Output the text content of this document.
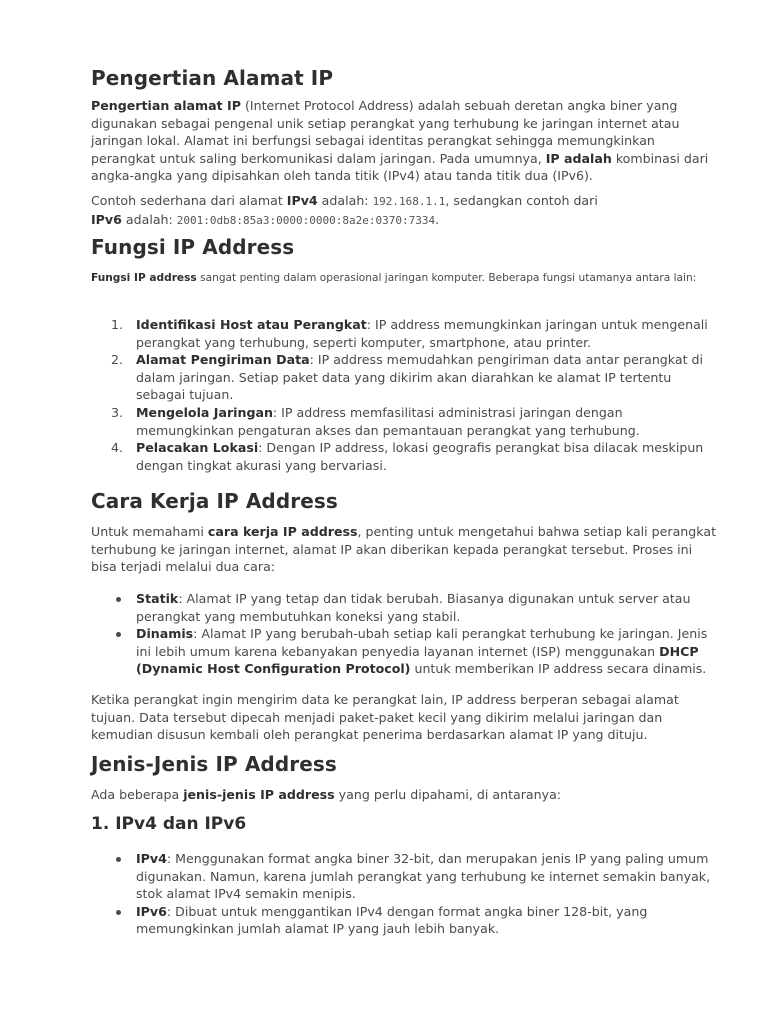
Pengertian Alamat IP

Pengertian alamat IP (Internet Protocol Address) adalah sebuah deretan angka biner yang digunakan sebagai pengenal unik setiap perangkat yang terhubung ke jaringan internet atau jaringan lokal. Alamat ini berfungsi sebagai identitas perangkat sehingga memungkinkan perangkat untuk saling berkomunikasi dalam jaringan. Pada umumnya, IP adalah kombinasi dari angka-angka yang dipisahkan oleh tanda titik (IPv4) atau tanda titik dua (IPv6).

Contoh sederhana dari alamat IPv4 adalah: 192.168.1.1, sedangkan contoh dari IPv6 adalah: 2001:0db8:85a3:0000:0000:8a2e:0370:7334.

Fungsi IP Address

Fungsi IP address sangat penting dalam operasional jaringan komputer. Beberapa fungsi utamanya antara lain:

1. Identifikasi Host atau Perangkat: IP address memungkinkan jaringan untuk mengenali perangkat yang terhubung, seperti komputer, smartphone, atau printer.
2. Alamat Pengiriman Data: IP address memudahkan pengiriman data antar perangkat di dalam jaringan. Setiap paket data yang dikirim akan diarahkan ke alamat IP tertentu sebagai tujuan.
3. Mengelola Jaringan: IP address memfasilitasi administrasi jaringan dengan memungkinkan pengaturan akses dan pemantauan perangkat yang terhubung.
4. Pelacakan Lokasi: Dengan IP address, lokasi geografis perangkat bisa dilacak meskipun dengan tingkat akurasi yang bervariasi.
Cara Kerja IP Address

Untuk memahami cara kerja IP address, penting untuk mengetahui bahwa setiap kali perangkat terhubung ke jaringan internet, alamat IP akan diberikan kepada perangkat tersebut. Proses ini bisa terjadi melalui dua cara:

Statik: Alamat IP yang tetap dan tidak berubah. Biasanya digunakan untuk server atau perangkat yang membutuhkan koneksi yang stabil.
Dinamis: Alamat IP yang berubah-ubah setiap kali perangkat terhubung ke jaringan. Jenis ini lebih umum karena kebanyakan penyedia layanan internet (ISP) menggunakan DHCP (Dynamic Host Configuration Protocol) untuk memberikan IP address secara dinamis.

Ketika perangkat ingin mengirim data ke perangkat lain, IP address berperan sebagai alamat tujuan. Data tersebut dipecah menjadi paket-paket kecil yang dikirim melalui jaringan dan kemudian disusun kembali oleh perangkat penerima berdasarkan alamat IP yang dituju.

Jenis-Jenis IP Address

Ada beberapa jenis-jenis IP address yang perlu dipahami, di antaranya:

1. IPv4 dan IPv6
IPv4: Menggunakan format angka biner 32-bit, dan merupakan jenis IP yang paling umum digunakan. Namun, karena jumlah perangkat yang terhubung ke internet semakin banyak, stok alamat IPv4 semakin menipis.
IPv6: Dibuat untuk menggantikan IPv4 dengan format angka biner 128-bit, yang memungkinkan jumlah alamat IP yang jauh lebih banyak.
